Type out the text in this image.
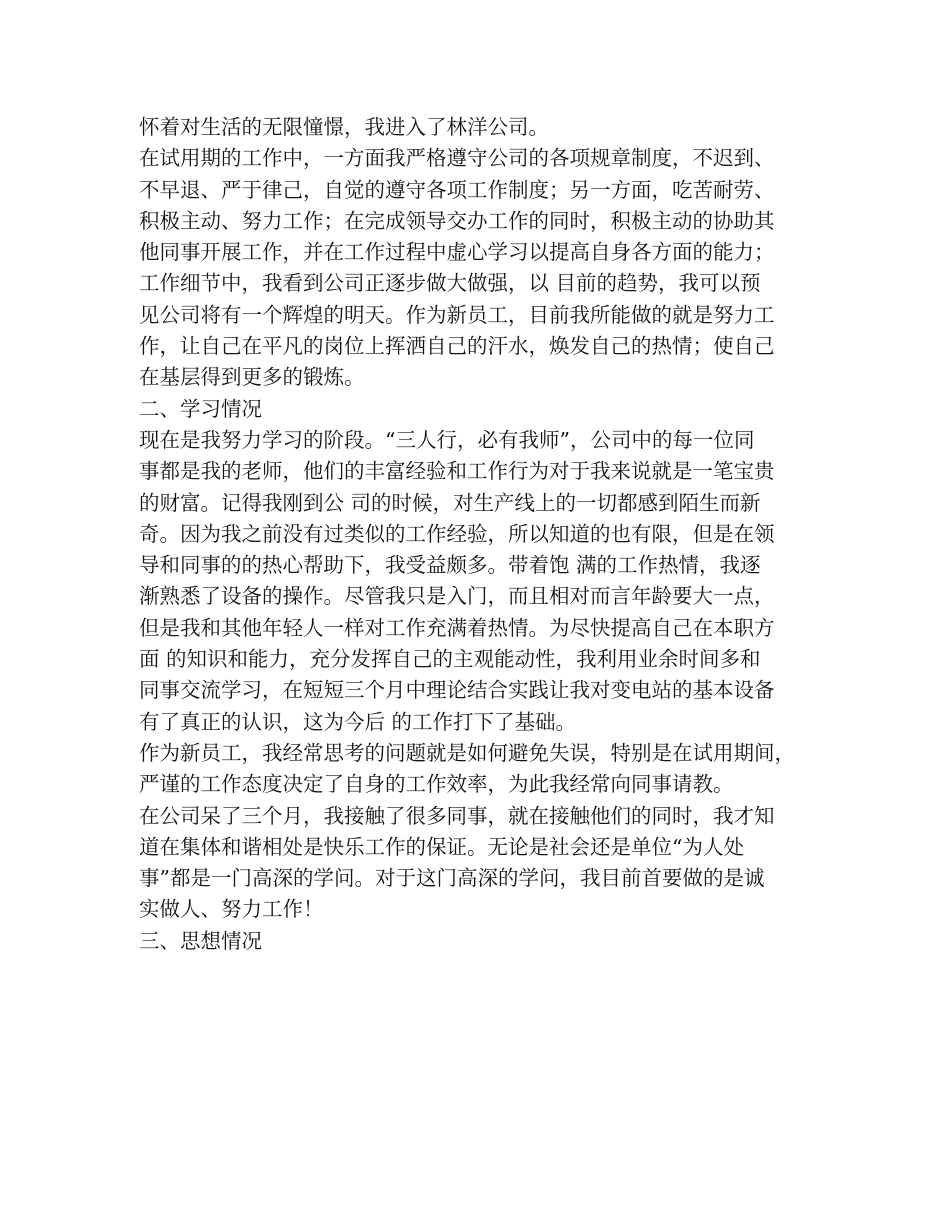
怀着对生活的无限憧憬，我进入了林洋公司。
在试用期的工作中，一方面我严格遵守公司的各项规章制度，不迟到、
不早退、严于律己，自觉的遵守各项工作制度；另一方面，吃苦耐劳、
积极主动、努力工作；在完成领导交办工作的同时，积极主动的协助其
他同事开展工作，并在工作过程中虚心学习以提高自身各方面的能力；
工作细节中，我看到公司正逐步做大做强，以 目前的趋势，我可以预
见公司将有一个辉煌的明天。作为新员工，目前我所能做的就是努力工
作，让自己在平凡的岗位上挥洒自己的汗水，焕发自己的热情；使自己
在基层得到更多的锻炼。
二、学习情况
现在是我努力学习的阶段。“三人行，必有我师”，公司中的每一位同
事都是我的老师，他们的丰富经验和工作行为对于我来说就是一笔宝贵
的财富。记得我刚到公 司的时候，对生产线上的一切都感到陌生而新
奇。因为我之前没有过类似的工作经验，所以知道的也有限，但是在领
导和同事的的热心帮助下，我受益颇多。带着饱 满的工作热情，我逐
渐熟悉了设备的操作。尽管我只是入门，而且相对而言年龄要大一点，
但是我和其他年轻人一样对工作充满着热情。为尽快提高自己在本职方
面 的知识和能力，充分发挥自己的主观能动性，我利用业余时间多和
同事交流学习，在短短三个月中理论结合实践让我对变电站的基本设备
有了真正的认识，这为今后 的工作打下了基础。
作为新员工，我经常思考的问题就是如何避免失误，特别是在试用期间，
严谨的工作态度决定了自身的工作效率，为此我经常向同事请教。
在公司呆了三个月，我接触了很多同事，就在接触他们的同时，我才知
道在集体和谐相处是快乐工作的保证。无论是社会还是单位“为人处
事”都是一门高深的学问。对于这门高深的学问，我目前首要做的是诚
实做人、努力工作！
三、思想情况
